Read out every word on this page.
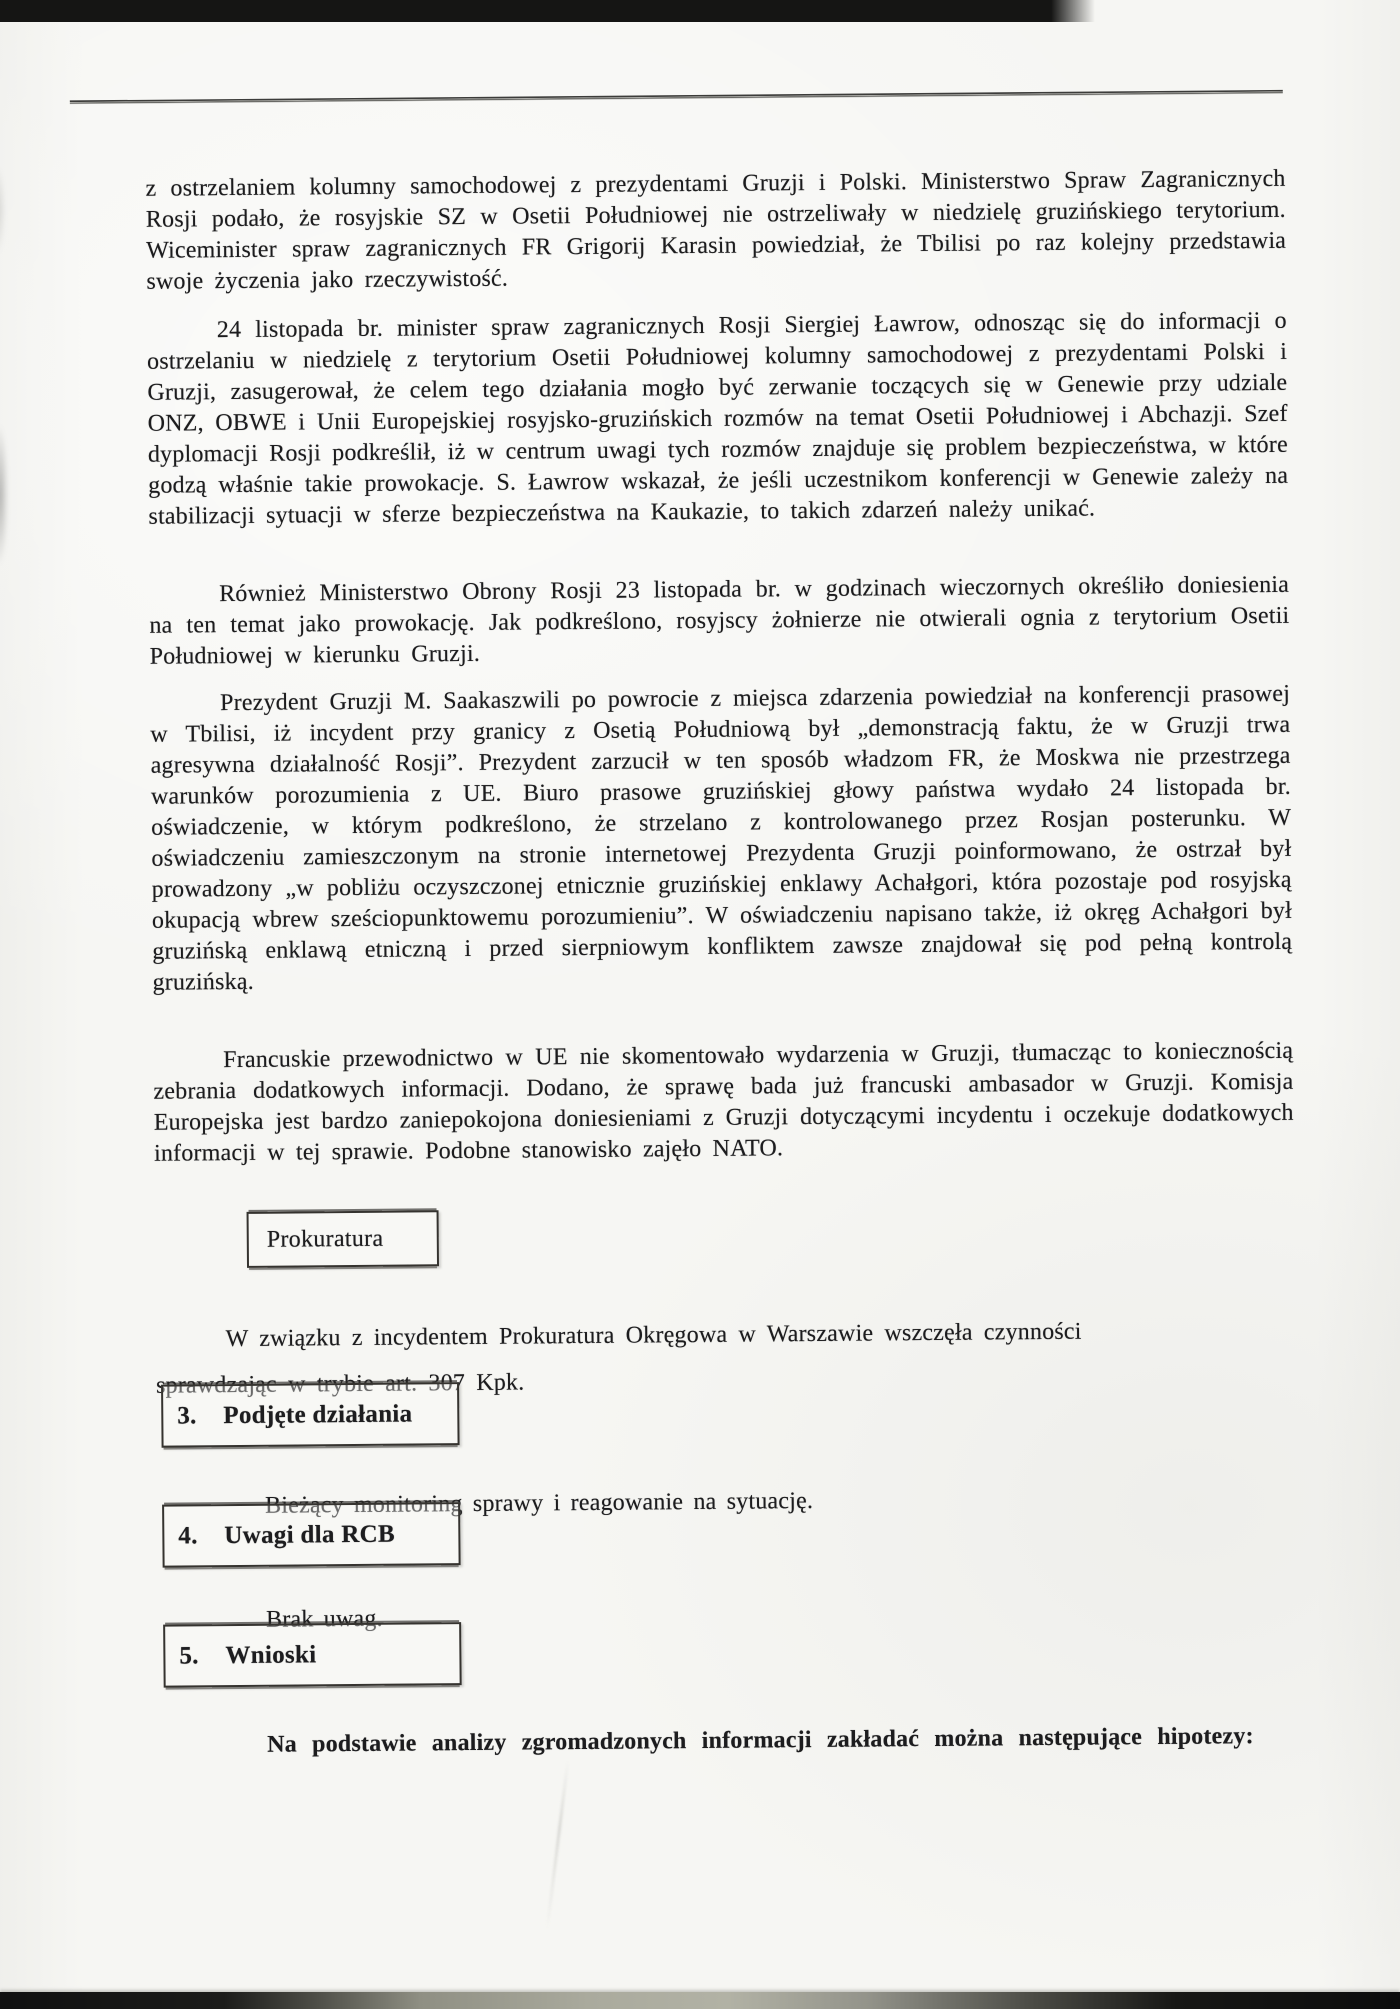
z ostrzelaniem kolumny samochodowej z prezydentami Gruzji i Polski. Ministerstwo Spraw Zagranicznych Rosji podało, że rosyjskie SZ w Osetii Południowej nie ostrzeliwały w niedzielę gruzińskiego terytorium. Wiceminister spraw zagranicznych FR Grigorij Karasin powiedział, że Tbilisi po raz kolejny przedstawia swoje życzenia jako rzeczywistość.

24 listopada br. minister spraw zagranicznych Rosji Siergiej Ławrow, odnosząc się do informacji o ostrzelaniu w niedzielę z terytorium Osetii Południowej kolumny samochodowej z prezydentami Polski i Gruzji, zasugerował, że celem tego działania mogło być zerwanie toczących się w Genewie przy udziale ONZ, OBWE i Unii Europejskiej rosyjsko-gruzińskich rozmów na temat Osetii Południowej i Abchazji. Szef dyplomacji Rosji podkreślił, iż w centrum uwagi tych rozmów znajduje się problem bezpieczeństwa, w które godzą właśnie takie prowokacje. S. Ławrow wskazał, że jeśli uczestnikom konferencji w Genewie zależy na stabilizacji sytuacji w sferze bezpieczeństwa na Kaukazie, to takich zdarzeń należy unikać.

Również Ministerstwo Obrony Rosji 23 listopada br. w godzinach wieczornych określiło doniesienia na ten temat jako prowokację. Jak podkreślono, rosyjscy żołnierze nie otwierali ognia z terytorium Osetii Południowej w kierunku Gruzji.

Prezydent Gruzji M. Saakaszwili po powrocie z miejsca zdarzenia powiedział na konferencji prasowej w Tbilisi, iż incydent przy granicy z Osetią Południową był „demonstracją faktu, że w Gruzji trwa agresywna działalność Rosji”. Prezydent zarzucił w ten sposób władzom FR, że Moskwa nie przestrzega warunków porozumienia z UE. Biuro prasowe gruzińskiej głowy państwa wydało 24 listopada br. oświadczenie, w którym podkreślono, że strzelano z kontrolowanego przez Rosjan posterunku. W oświadczeniu zamieszczonym na stronie internetowej Prezydenta Gruzji poinformowano, że ostrzał był prowadzony „w pobliżu oczyszczonej etnicznie gruzińskiej enklawy Achałgori, która pozostaje pod rosyjską okupacją wbrew sześciopunktowemu porozumieniu”. W oświadczeniu napisano także, iż okręg Achałgori był gruzińską enklawą etniczną i przed sierpniowym konfliktem zawsze znajdował się pod pełną kontrolą gruzińską.

Francuskie przewodnictwo w UE nie skomentowało wydarzenia w Gruzji, tłumacząc to koniecznością zebrania dodatkowych informacji. Dodano, że sprawę bada już francuski ambasador w Gruzji. Komisja Europejska jest bardzo zaniepokojona doniesieniami z Gruzji dotyczącymi incydentu i oczekuje dodatkowych informacji w tej sprawie. Podobne stanowisko zajęło NATO.

Prokuratura

W związku z incydentem Prokuratura Okręgowa w Warszawie wszczęła czynności

sprawdzając w trybie art. 307 Kpk.

3.	Podjęte działania

Bieżący monitoring sprawy i reagowanie na sytuację.

4.	Uwagi dla RCB

Brak uwag.

5.	Wnioski

Na podstawie analizy zgromadzonych informacji zakładać można następujące hipotezy:
